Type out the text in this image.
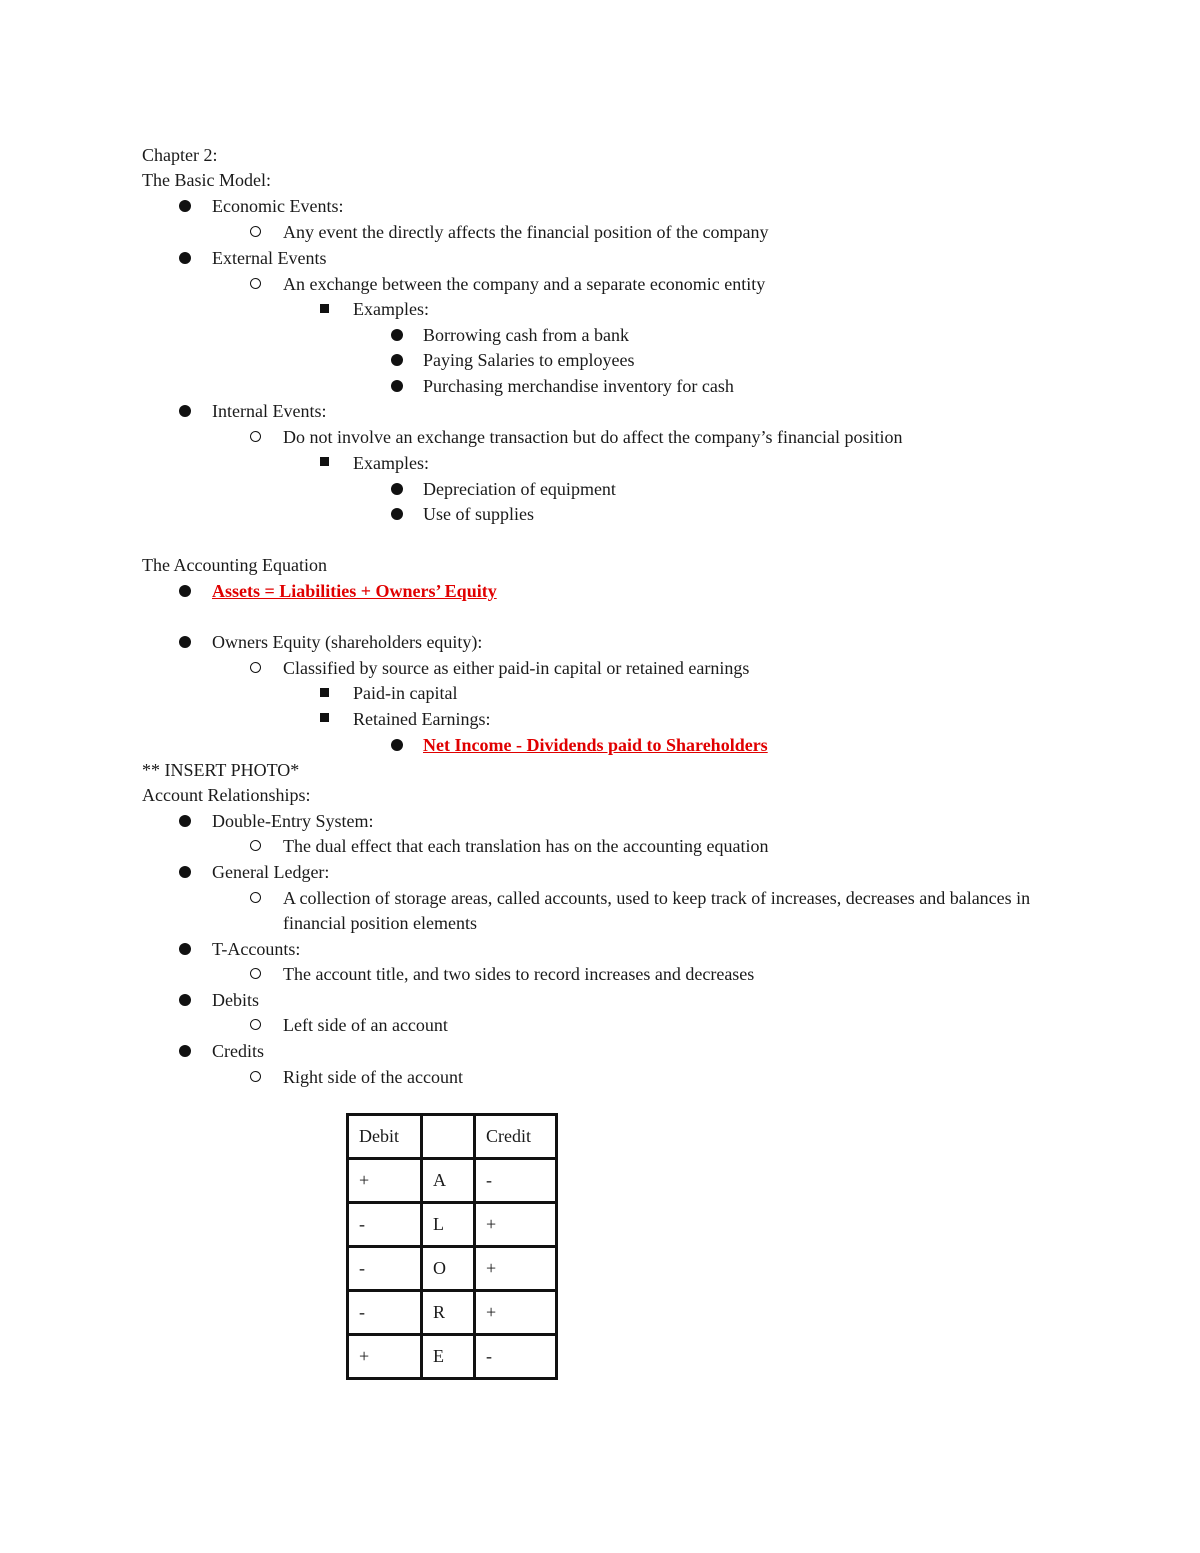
Chapter 2:
The Basic Model:
Economic Events:
Any event the directly affects the financial position of the company
External Events
An exchange between the company and a separate economic entity
Examples:
Borrowing cash from a bank
Paying Salaries to employees
Purchasing merchandise inventory for cash
Internal Events:
Do not involve an exchange transaction but do affect the company’s financial position
Examples:
Depreciation of equipment
Use of supplies
The Accounting Equation
Assets = Liabilities + Owners’ Equity
Owners Equity (shareholders equity):
Classified by source as either paid-in capital or retained earnings
Paid-in capital
Retained Earnings:
Net Income - Dividends paid to Shareholders
** INSERT PHOTO*
Account Relationships:
Double-Entry System:
The dual effect that each translation has on the accounting equation
General Ledger:
A collection of storage areas, called accounts, used to keep track of increases, decreases and balances in
financial position elements
T-Accounts:
The account title, and two sides to record increases and decreases
Debits
Left side of an account
Credits
Right side of the account
Debit		Credit
+	A	-
-	L	+
-	O	+
-	R	+
+	E	-
